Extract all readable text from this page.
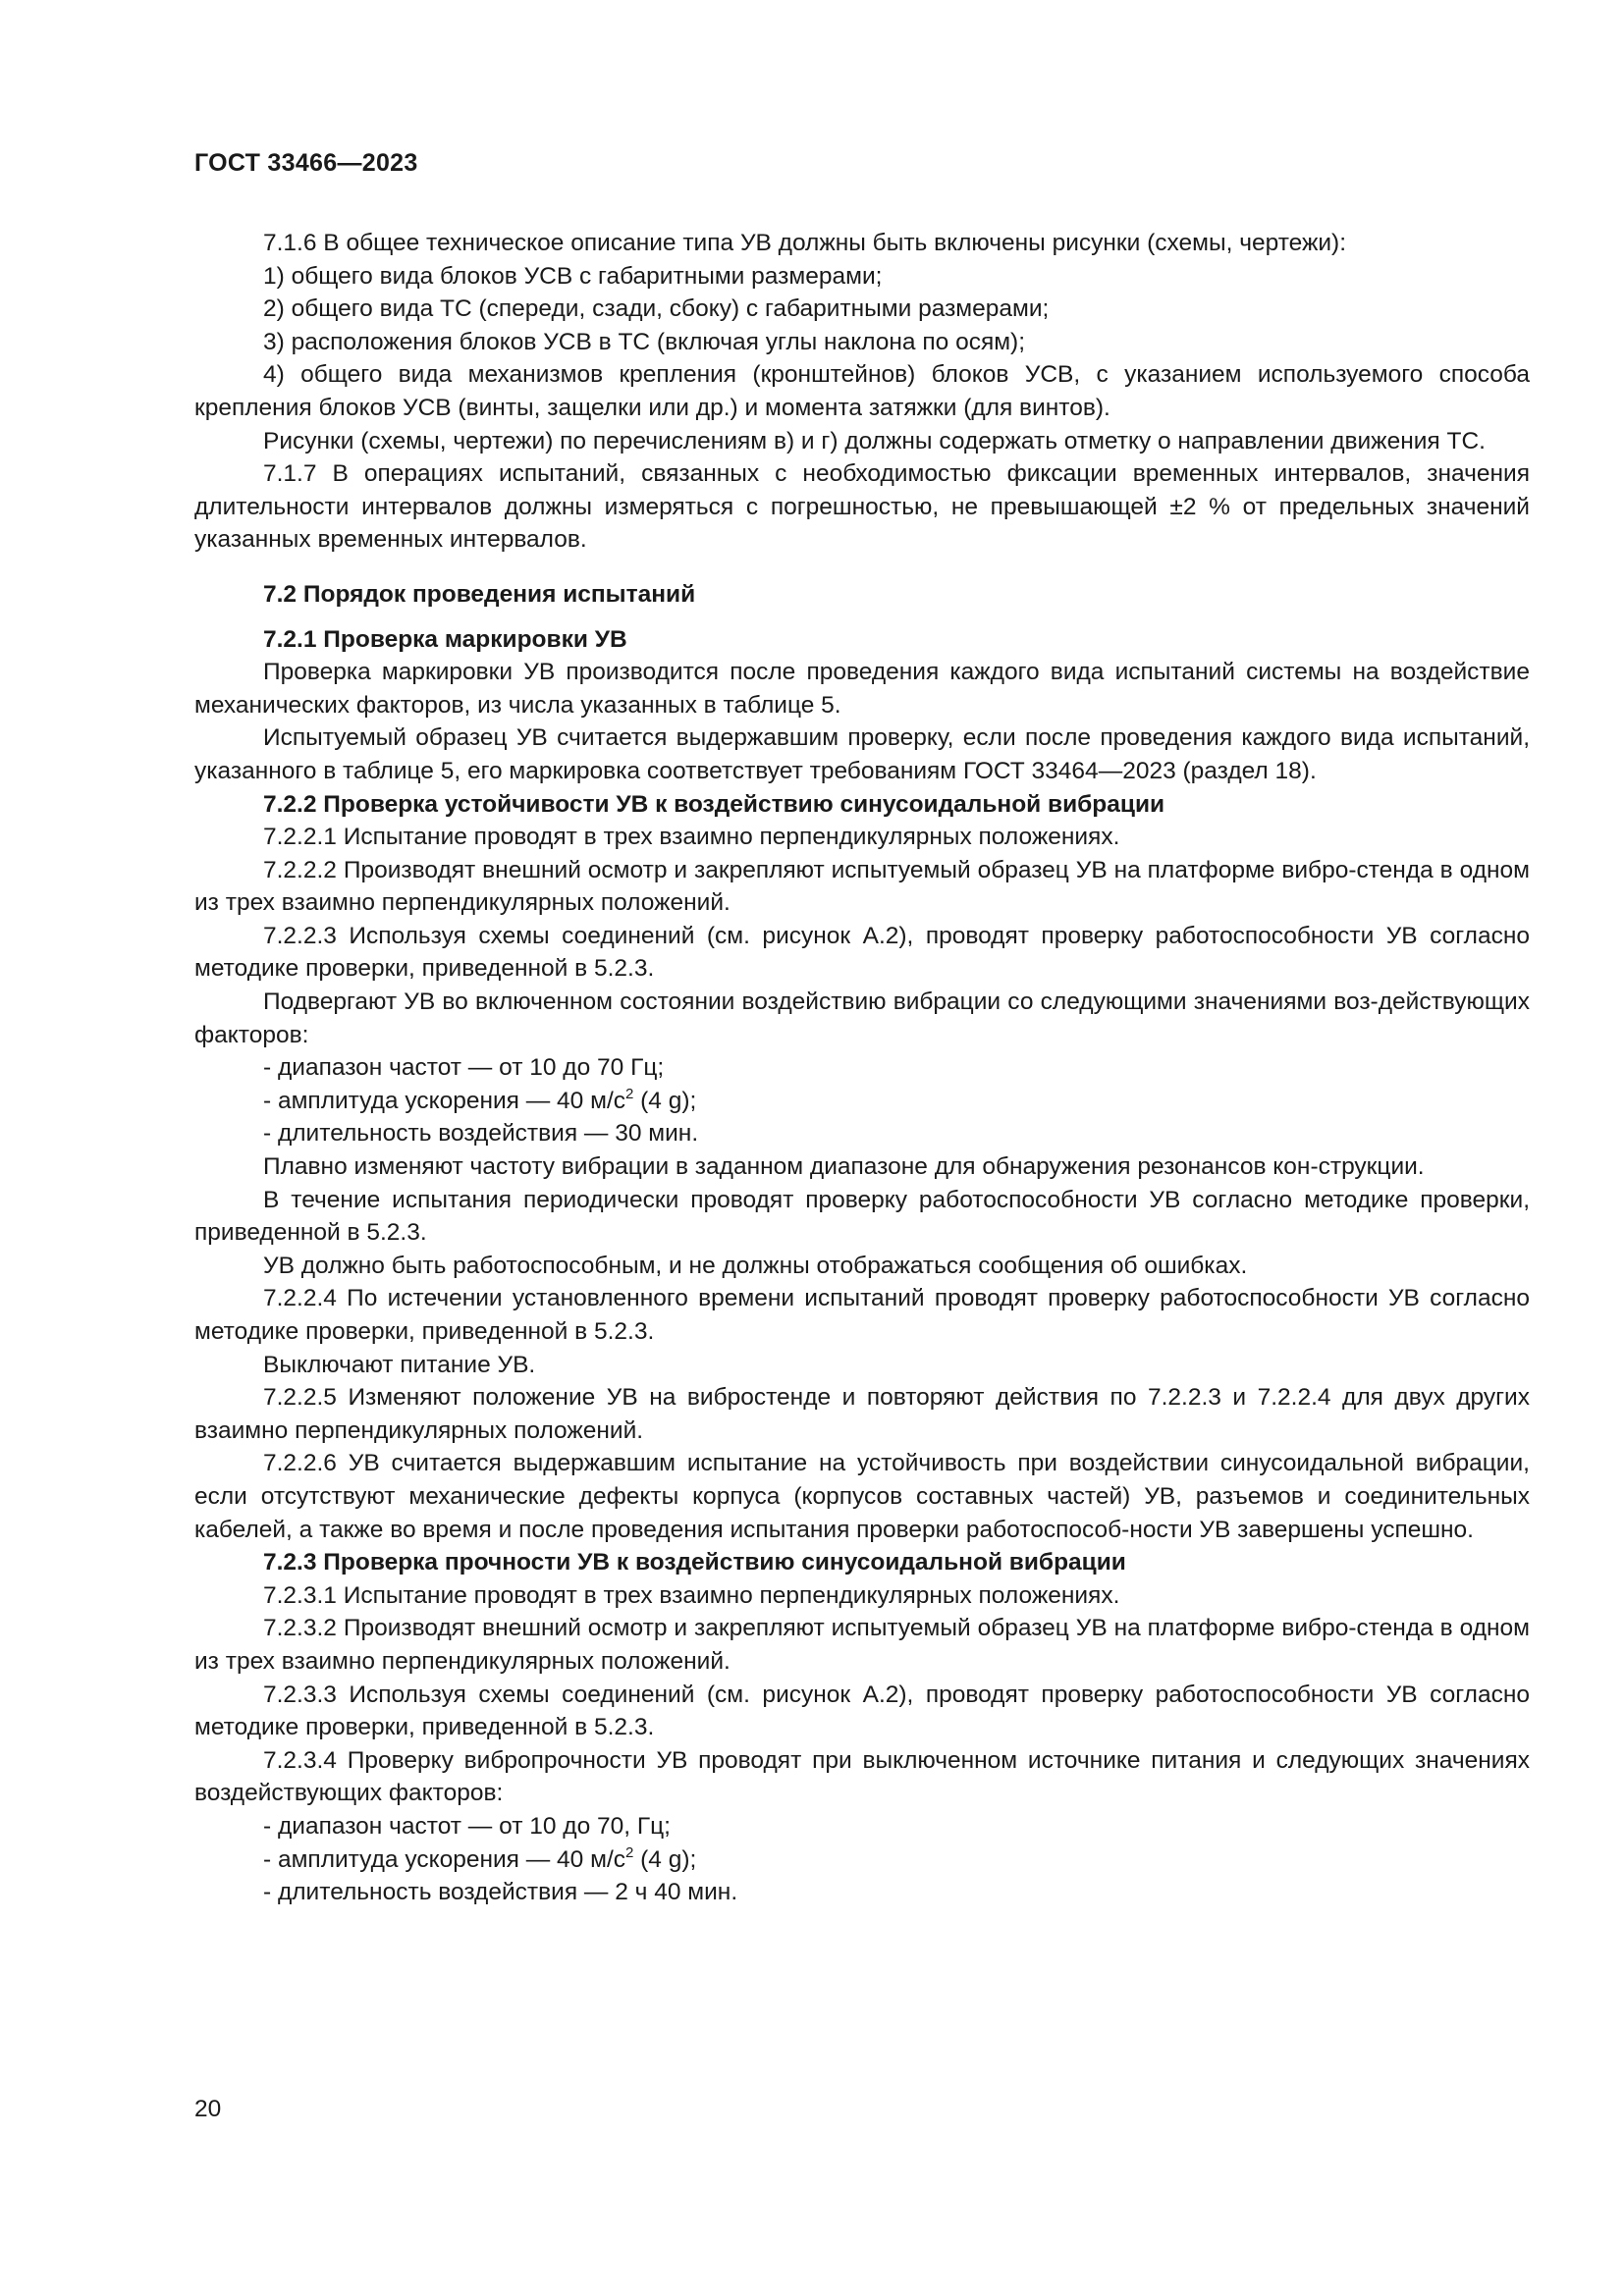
ГОСТ 33466—2023

7.1.6 В общее техническое описание типа УВ должны быть включены рисунки (схемы, чертежи):

1) общего вида блоков УСВ с габаритными размерами;

2) общего вида ТС (спереди, сзади, сбоку) с габаритными размерами;

3) расположения блоков УСВ в ТС (включая углы наклона по осям);

4) общего вида механизмов крепления (кронштейнов) блоков УСВ, с указанием используемого способа крепления блоков УСВ (винты, защелки или др.) и момента затяжки (для винтов).

Рисунки (схемы, чертежи) по перечислениям в) и г) должны содержать отметку о направлении движения ТС.

7.1.7 В операциях испытаний, связанных с необходимостью фиксации временных интервалов, значения длительности интервалов должны измеряться с погрешностью, не превышающей ±2 % от предельных значений указанных временных интервалов.

7.2 Порядок проведения испытаний

7.2.1 Проверка маркировки УВ

Проверка маркировки УВ производится после проведения каждого вида испытаний системы на воздействие механических факторов, из числа указанных в таблице 5.

Испытуемый образец УВ считается выдержавшим проверку, если после проведения каждого вида испытаний, указанного в таблице 5, его маркировка соответствует требованиям ГОСТ 33464—2023 (раздел 18).

7.2.2 Проверка устойчивости УВ к воздействию синусоидальной вибрации

7.2.2.1 Испытание проводят в трех взаимно перпендикулярных положениях.

7.2.2.2 Производят внешний осмотр и закрепляют испытуемый образец УВ на платформе вибро-стенда в одном из трех взаимно перпендикулярных положений.

7.2.2.3 Используя схемы соединений (см. рисунок А.2), проводят проверку работоспособности УВ согласно методике проверки, приведенной в 5.2.3.

Подвергают УВ во включенном состоянии воздействию вибрации со следующими значениями воз-действующих факторов:

- диапазон частот — от 10 до 70 Гц;

- амплитуда ускорения — 40 $м/с^2$ (4 g);

- длительность воздействия — 30 мин.

Плавно изменяют частоту вибрации в заданном диапазоне для обнаружения резонансов кон-струкции.

В течение испытания периодически проводят проверку работоспособности УВ согласно методике проверки, приведенной в 5.2.3.

УВ должно быть работоспособным, и не должны отображаться сообщения об ошибках.

7.2.2.4 По истечении установленного времени испытаний проводят проверку работоспособности УВ согласно методике проверки, приведенной в 5.2.3.

Выключают питание УВ.

7.2.2.5 Изменяют положение УВ на вибростенде и повторяют действия по 7.2.2.3 и 7.2.2.4 для двух других взаимно перпендикулярных положений.

7.2.2.6 УВ считается выдержавшим испытание на устойчивость при воздействии синусоидальной вибрации, если отсутствуют механические дефекты корпуса (корпусов составных частей) УВ, разъемов и соединительных кабелей, а также во время и после проведения испытания проверки работоспособ-ности УВ завершены успешно.

7.2.3 Проверка прочности УВ к воздействию синусоидальной вибрации

7.2.3.1 Испытание проводят в трех взаимно перпендикулярных положениях.

7.2.3.2 Производят внешний осмотр и закрепляют испытуемый образец УВ на платформе вибро-стенда в одном из трех взаимно перпендикулярных положений.

7.2.3.3 Используя схемы соединений (см. рисунок А.2), проводят проверку работоспособности УВ согласно методике проверки, приведенной в 5.2.3.

7.2.3.4 Проверку вибропрочности УВ проводят при выключенном источнике питания и следующих значениях воздействующих факторов:

- диапазон частот — от 10 до 70, Гц;

- амплитуда ускорения — 40 $м/с^2$ (4 g);

- длительность воздействия — 2 ч 40 мин.

20
